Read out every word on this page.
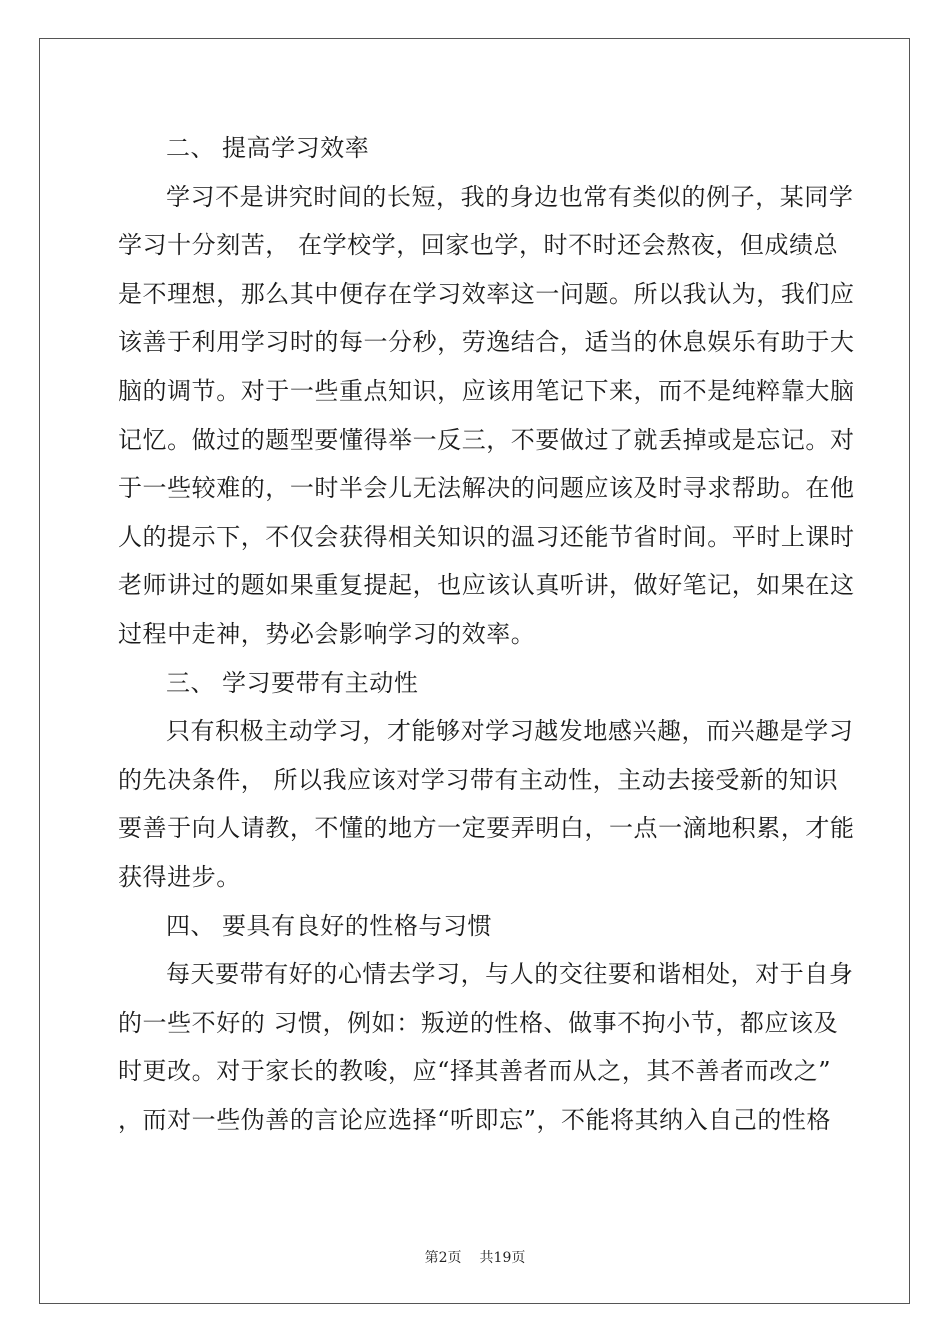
二、 提高学习效率
学习不是讲究时间的长短，我的身边也常有类似的例子，某同学
学习十分刻苦， 在学校学，回家也学，时不时还会熬夜，但成绩总
是不理想，那么其中便存在学习效率这一问题。所以我认为，我们应
该善于利用学习时的每一分秒，劳逸结合，适当的休息娱乐有助于大
脑的调节。对于一些重点知识，应该用笔记下来，而不是纯粹靠大脑
记忆。做过的题型要懂得举一反三，不要做过了就丢掉或是忘记。对
于一些较难的，一时半会儿无法解决的问题应该及时寻求帮助。在他
人的提示下，不仅会获得相关知识的温习还能节省时间。平时上课时
老师讲过的题如果重复提起，也应该认真听讲，做好笔记，如果在这
过程中走神，势必会影响学习的效率。
三、 学习要带有主动性
只有积极主动学习，才能够对学习越发地感兴趣，而兴趣是学习
的先决条件， 所以我应该对学习带有主动性，主动去接受新的知识
要善于向人请教，不懂的地方一定要弄明白，一点一滴地积累，才能
获得进步。
四、 要具有良好的性格与习惯
每天要带有好的心情去学习，与人的交往要和谐相处，对于自身
的一些不好的 习惯，例如：叛逆的性格、做事不拘小节，都应该及
时更改。对于家长的教唆，应“择其善者而从之，其不善者而改之”
，而对一些伪善的言论应选择“听即忘”，不能将其纳入自己的性格
第2页 共19页
